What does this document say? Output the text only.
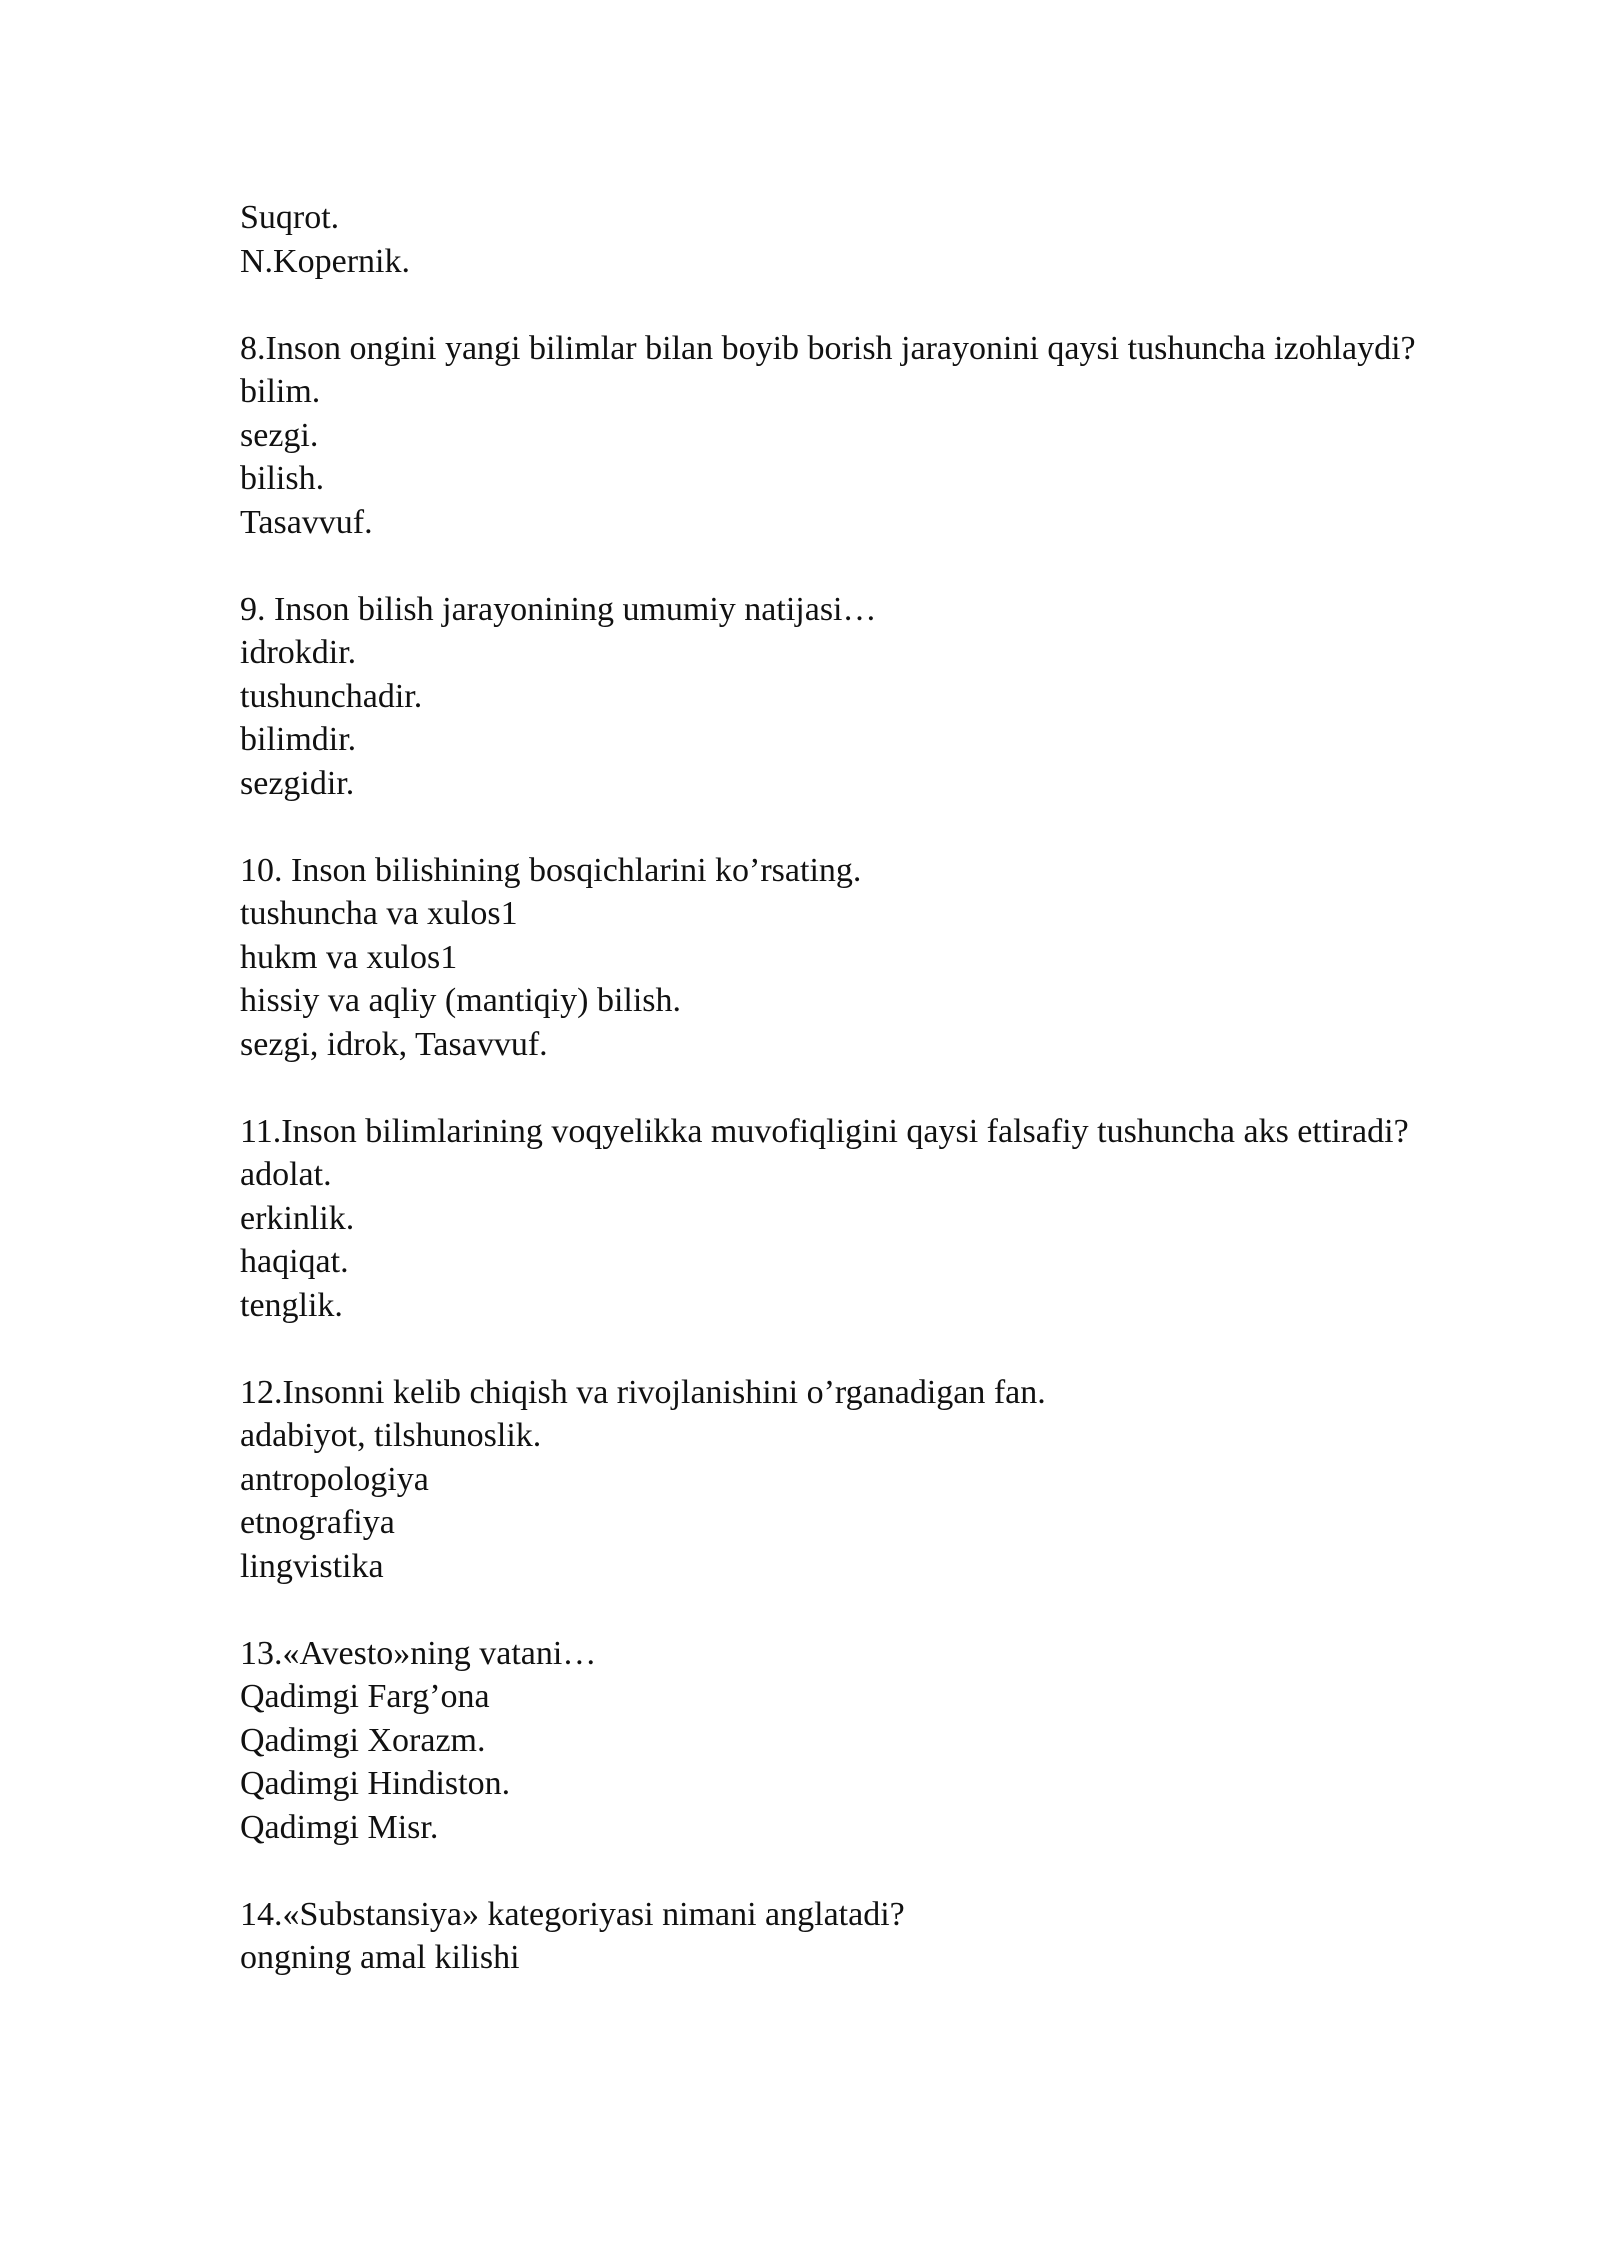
Suqrot.

N.Kopernik.

8.Inson ongini yangi bilimlar bilan boyib borish jarayonini qaysi tushuncha izohlaydi?

bilim.

sezgi.

bilish.

Tasavvuf.

9. Inson bilish jarayonining umumiy natijasi…

idrokdir.

tushunchadir.

bilimdir.

sezgidir.

10. Inson bilishining bosqichlarini ko’rsating.

tushuncha va xulos1

hukm va xulos1

hissiy va aqliy (mantiqiy) bilish.

sezgi, idrok, Tasavvuf.

11.Inson bilimlarining voqyelikka muvofiqligini qaysi falsafiy tushuncha aks ettiradi?

adolat.

erkinlik.

haqiqat.

tenglik.

12.Insonni kelib chiqish va rivojlanishini o’rganadigan fan.

adabiyot, tilshunoslik.

antropologiya

etnografiya

lingvistika

13.«Avesto»ning vatani…

Qadimgi Farg’ona

Qadimgi Xorazm.

Qadimgi Hindiston.

Qadimgi Misr.

14.«Substansiya» kategoriyasi nimani anglatadi?

ongning amal kilishi
